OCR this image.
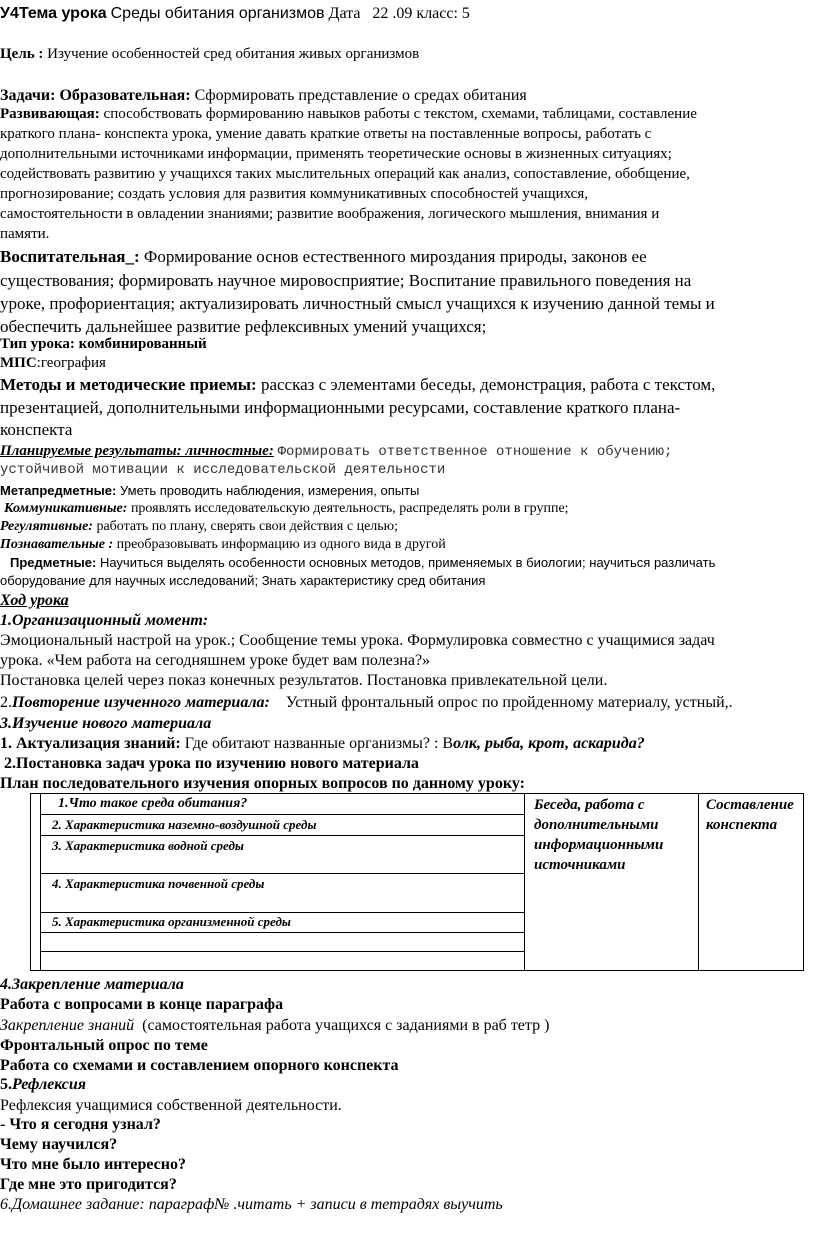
У4Тема урока Среды обитания организмов Дата 22 .09 класс: 5
Цель : Изучение особенностей сред обитания живых организмов
Задачи: Образовательная: Сформировать представление о средах обитания
Развивающая: способствовать формированию навыков работы с текстом, схемами, таблицами, составление
краткого плана- конспекта урока, умение давать краткие ответы на поставленные вопросы, работать с
дополнительными источниками информации, применять теоретические основы в жизненных ситуациях;
содействовать развитию у учащихся таких мыслительных операций как анализ, сопоставление, обобщение,
прогнозирование; создать условия для развития коммуникативных способностей учащихся,
самостоятельности в овладении знаниями; развитие воображения, логического мышления, внимания и
памяти.
Воспитательная_: Формирование основ естественного мироздания природы, законов ее
существования; формировать научное мировосприятие; Воспитание правильного поведения на
уроке, профориентация; актуализировать личностный смысл учащихся к изучению данной темы и
обеспечить дальнейшее развитие рефлексивных умений учащихся;
Тип урока: комбинированный
МПС:география
Методы и методические приемы: рассказ с элементами беседы, демонстрация, работа с текстом,
презентацией, дополнительными информационными ресурсами, составление краткого плана-
конспекта
Планируемые результаты: личностные: Формировать ответственное отношение к обучению;
устойчивой мотивации к исследовательской деятельности
Метапредметные: Уметь проводить наблюдения, измерения, опыты
Коммуникативные: проявлять исследовательскую деятельность, распределять роли в группе;
Регулятивные: работать по плану, сверять свои действия с целью;
Познавательные : преобразовывать информацию из одного вида в другой
Предметные: Научиться выделять особенности основных методов, применяемых в биологии; научиться различать
оборудование для научных исследований; Знать характеристику сред обитания
Ход урока
1.Организационный момент:
Эмоциональный настрой на урок.; Сообщение темы урока. Формулировка совместно с учащимися задач
урока. «Чем работа на сегодняшнем уроке будет вам полезна?»
Постановка целей через показ конечных результатов. Постановка привлекательной цели.
2.Повторение изученного материала: Устный фронтальный опрос по пройденному материалу, устный,.
3.Изучение нового материала
1. Актуализация знаний: Где обитают названные организмы? : Волк, рыба, крот, аскарида?
2.Постановка задач урока по изучению нового материала
План последовательного изучения опорных вопросов по данному уроку:
1.Что такое среда обитания?
2. Характеристика наземно-воздушной среды
3. Характеристика водной среды
4. Характеристика почвенной среды
5. Характеристика организменной среды
Беседа, работа с
дополнительными
информационными
источниками
Составление
конспекта
4.Закрепление материала
Работа с вопросами в конце параграфа
Закрепление знаний (самостоятельная работа учащихся с заданиями в раб тетр )
Фронтальный опрос по теме
Работа со схемами и составлением опорного конспекта
5.Рефлексия
Рефлексия учащимися собственной деятельности.
- Что я сегодня узнал?
Чему научился?
Что мне было интересно?
Где мне это пригодится?
6.Домашнее задание: параграф№ .читать + записи в тетрадях выучить
